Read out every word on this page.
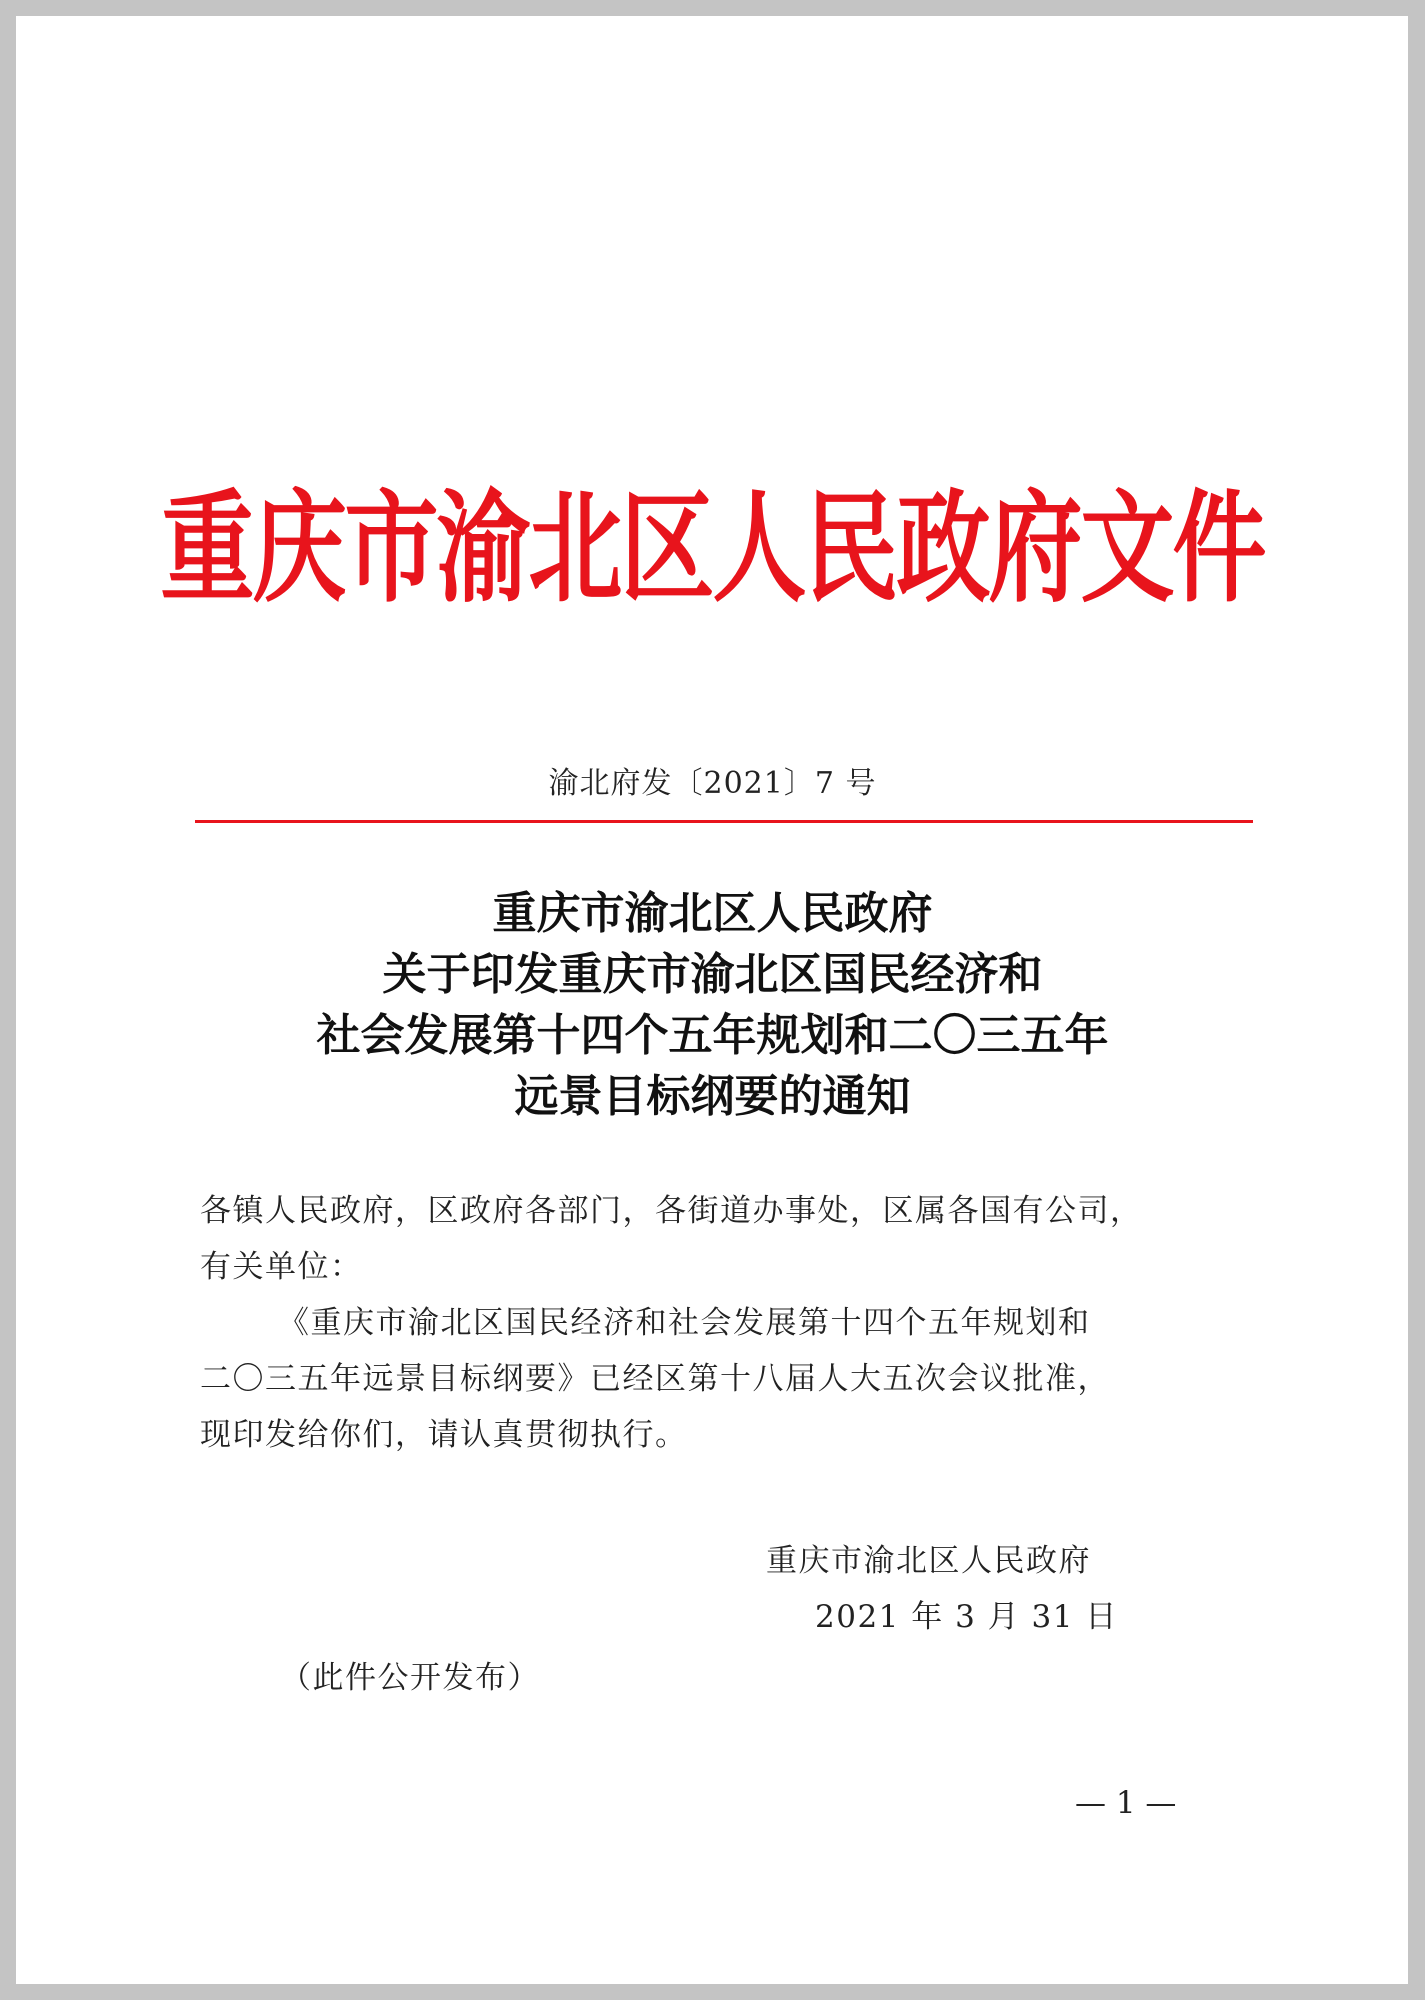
重庆市渝北区人民政府文件
渝北府发〔2021〕7 号
重庆市渝北区人民政府
关于印发重庆市渝北区国民经济和
社会发展第十四个五年规划和二〇三五年
远景目标纲要的通知
各镇人民政府，区政府各部门，各街道办事处，区属各国有公司，
有关单位：
《重庆市渝北区国民经济和社会发展第十四个五年规划和
二〇三五年远景目标纲要》已经区第十八届人大五次会议批准，
现印发给你们，请认真贯彻执行。
重庆市渝北区人民政府
2021 年 3 月 31 日
（此件公开发布）
— 1 —
